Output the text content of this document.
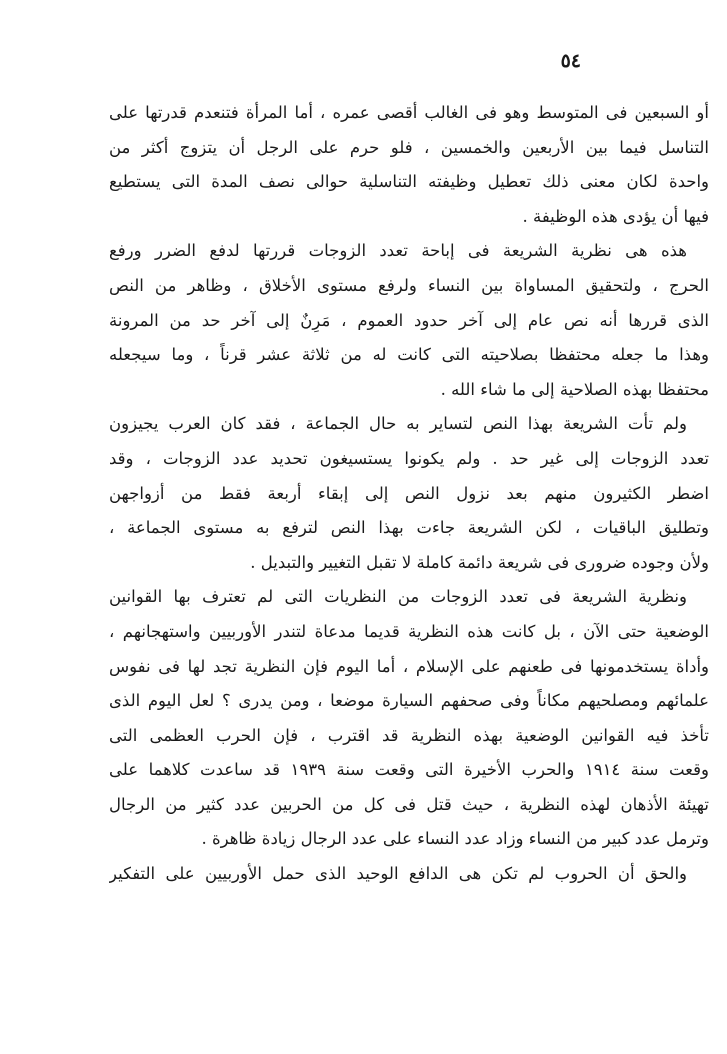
٥٤
أو السبعين فى المتوسط وهو فى الغالب أقصى عمره ، أما المرأة فتنعدم قدرتها على
التناسل فيما بين الأربعين والخمسين ، فلو حرم على الرجل أن يتزوج أكثر من
واحدة لكان معنى ذلك تعطيل وظيفته التناسلية حوالى نصف المدة التى يستطيع
فيها أن يؤدى هذه الوظيفة .
هذه هى نظرية الشريعة فى إباحة تعدد الزوجات قررتها لدفع الضرر ورفع
الحرج ، ولتحقيق المساواة بين النساء ولرفع مستوى الأخلاق ، وظاهر من النص
الذى قررها أنه نص عام إلى آخر حدود العموم ، مَرِنٌ إلى آخر حد من المرونة
وهذا ما جعله محتفظا بصلاحيته التى كانت له من ثلاثة عشر قرناً ، وما سيجعله
محتفظا بهذه الصلاحية إلى ما شاء الله .
ولم تأت الشريعة بهذا النص لتساير به حال الجماعة ، فقد كان العرب يجيزون
تعدد الزوجات إلى غير حد . ولم يكونوا يستسيغون تحديد عدد الزوجات ، وقد
اضطر الكثيرون منهم بعد نزول النص إلى إبقاء أربعة فقط من أزواجهن
وتطليق الباقيات ، لكن الشريعة جاءت بهذا النص لترفع به مستوى الجماعة ،
ولأن وجوده ضرورى فى شريعة دائمة كاملة لا تقبل التغيير والتبديل .
ونظرية الشريعة فى تعدد الزوجات من النظريات التى لم تعترف بها القوانين
الوضعية حتى الآن ، بل كانت هذه النظرية قديما مدعاة لتندر الأوربيين واستهجانهم ،
وأداة يستخدمونها فى طعنهم على الإسلام ، أما اليوم فإن النظرية تجد لها فى نفوس
علمائهم ومصلحيهم مكاناً وفى صحفهم السيارة موضعا ، ومن يدرى ؟ لعل اليوم الذى
تأخذ فيه القوانين الوضعية بهذه النظرية قد اقترب ، فإن الحرب العظمى التى
وقعت سنة ١٩١٤ والحرب الأخيرة التى وقعت سنة ١٩٣٩ قد ساعدت كلاهما على
تهيئة الأذهان لهذه النظرية ، حيث قتل فى كل من الحربين عدد كثير من الرجال
وترمل عدد كبير من النساء وزاد عدد النساء على عدد الرجال زيادة ظاهرة .
والحق أن الحروب لم تكن هى الدافع الوحيد الذى حمل الأوربيين على التفكير
